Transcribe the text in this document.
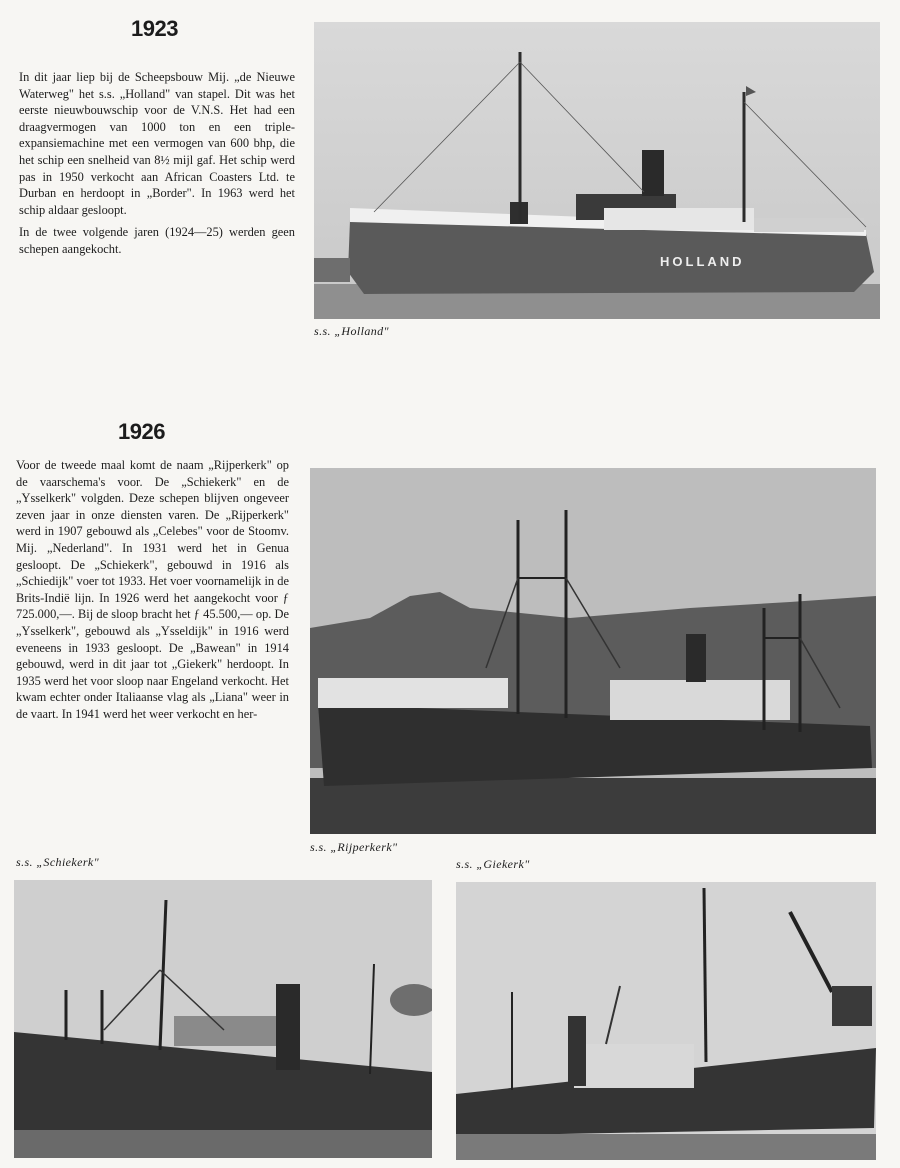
1923

In dit jaar liep bij de Scheepsbouw Mij. „de Nieuwe Waterweg" het s.s. „Holland" van stapel. Dit was het eerste nieuwbouwschip voor de V.N.S. Het had een draagvermogen van 1000 ton en een triple-expansiemachine met een vermogen van 600 bhp, die het schip een snelheid van 8½ mijl gaf. Het schip werd pas in 1950 verkocht aan African Coasters Ltd. te Durban en herdoopt in „Border". In 1963 werd het schip aldaar gesloopt.

In de twee volgende jaren (1924—25) werden geen schepen aangekocht.

HOLLAND
s.s. „Holland"
1926

Voor de tweede maal komt de naam „Rijperkerk" op de vaarschema's voor. De „Schiekerk" en de „Ysselkerk" volgden. Deze schepen blijven ongeveer zeven jaar in onze diensten varen. De „Rijperkerk" werd in 1907 gebouwd als „Celebes" voor de Stoomv. Mij. „Nederland". In 1931 werd het in Genua gesloopt. De „Schiekerk", gebouwd in 1916 als „Schiedijk" voer tot 1933. Het voer voornamelijk in de Brits-Indië lijn. In 1926 werd het aangekocht voor ƒ 725.000,—. Bij de sloop bracht het ƒ 45.500,— op. De „Ysselkerk", gebouwd als „Ysseldijk" in 1916 werd eveneens in 1933 gesloopt. De „Bawean" in 1914 gebouwd, werd in dit jaar tot „Giekerk" herdoopt. In 1935 werd het voor sloop naar Engeland verkocht. Het kwam echter onder Italiaanse vlag als „Liana" weer in de vaart. In 1941 werd het weer verkocht en her-

s.s. „Rijperkerk"
s.s. „Schiekerk"	s.s. „Giekerk"
